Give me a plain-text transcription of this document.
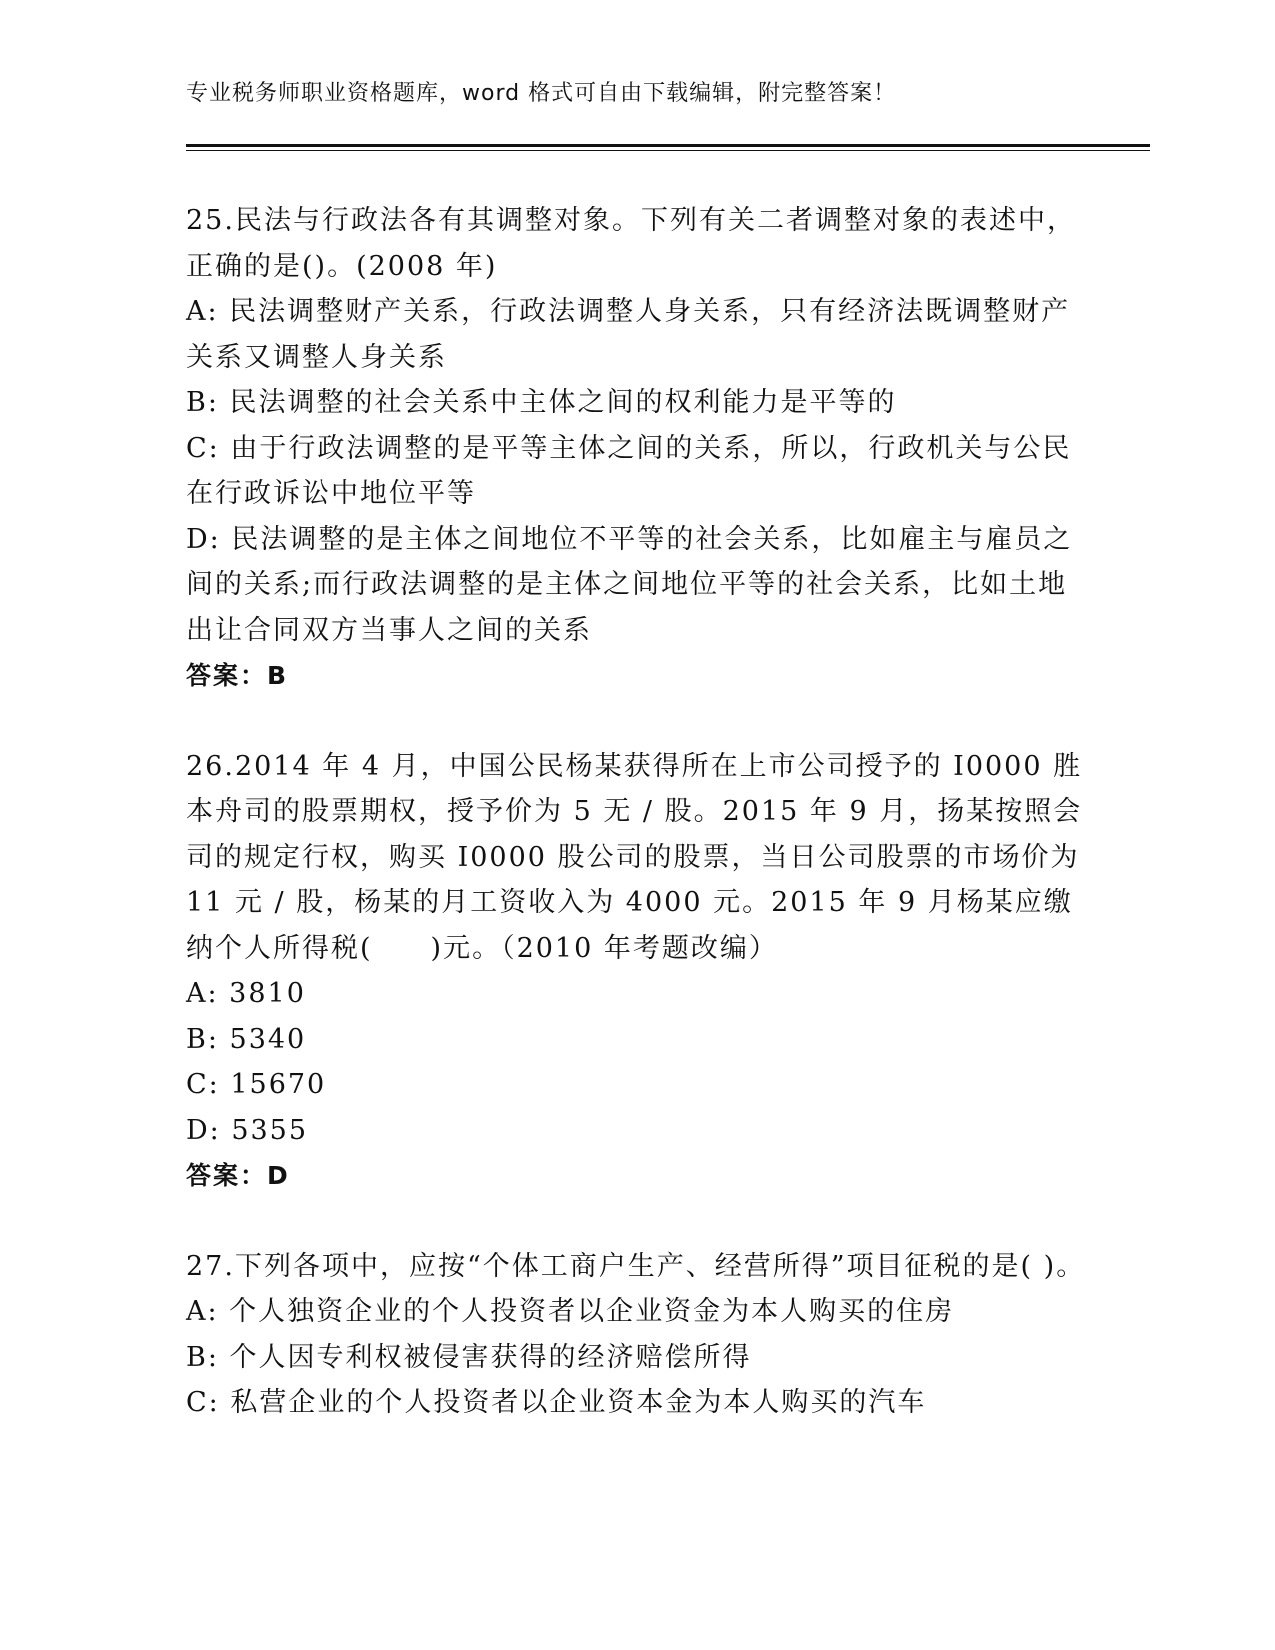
专业税务师职业资格题库，word 格式可自由下载编辑，附完整答案！

25.民法与行政法各有其调整对象。下列有关二者调整对象的表述中，正确的是()。(2008 年)

A: 民法调整财产关系，行政法调整人身关系，只有经济法既调整财产关系又调整人身关系

B: 民法调整的社会关系中主体之间的权利能力是平等的

C: 由于行政法调整的是平等主体之间的关系，所以，行政机关与公民在行政诉讼中地位平等

D: 民法调整的是主体之间地位不平等的社会关系，比如雇主与雇员之间的关系;而行政法调整的是主体之间地位平等的社会关系，比如土地出让合同双方当事人之间的关系

答案：B

26.2014 年 4 月，中国公民杨某获得所在上市公司授予的 I0000 胜本舟司的股票期权，授予价为 5 无 / 股。2015 年 9 月，扬某按照会司的规定行权，购买 I0000 股公司的股票，当日公司股票的市场价为 11 元 / 股，杨某的月工资收入为 4000 元。2015 年 9 月杨某应缴纳个人所得税(　　)元。（2010 年考题改编）

A: 3810

B: 5340

C: 15670

D: 5355

答案：D

27.下列各项中，应按“个体工商户生产、经营所得”项目征税的是( )。

A: 个人独资企业的个人投资者以企业资金为本人购买的住房

B: 个人因专利权被侵害获得的经济赔偿所得

C: 私营企业的个人投资者以企业资本金为本人购买的汽车
